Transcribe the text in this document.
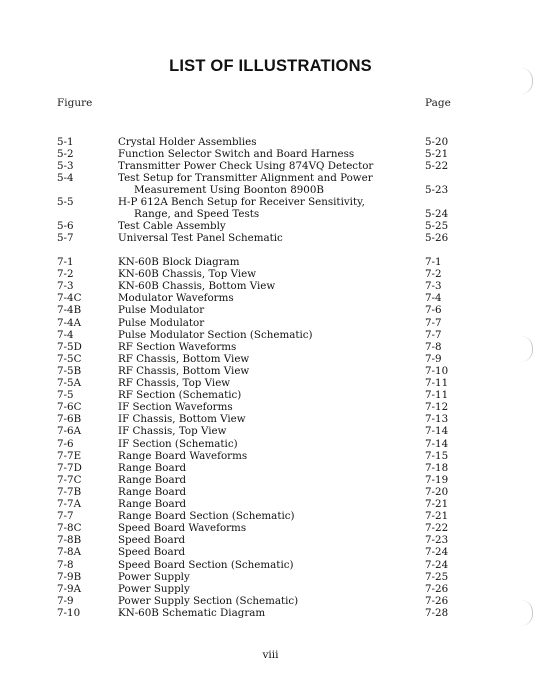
LIST OF ILLUSTRATIONS
Figure	Page
5-1	Crystal Holder Assemblies	5-20
5-2	Function Selector Switch and Board Harness	5-21
5-3	Transmitter Power Check Using 874VQ Detector	5-22
5-4	Test Setup for Transmitter Alignment and Power
Measurement Using Boonton 8900B	5-23
5-5	H-P 612A Bench Setup for Receiver Sensitivity,
Range, and Speed Tests	5-24
5-6	Test Cable Assembly	5-25
5-7	Universal Test Panel Schematic	5-26
7-1	KN-60B Block Diagram	7-1
7-2	KN-60B Chassis, Top View	7-2
7-3	KN-60B Chassis, Bottom View	7-3
7-4C	Modulator Waveforms	7-4
7-4B	Pulse Modulator	7-6
7-4A	Pulse Modulator	7-7
7-4	Pulse Modulator Section (Schematic)	7-7
7-5D	RF Section Waveforms	7-8
7-5C	RF Chassis, Bottom View	7-9
7-5B	RF Chassis, Bottom View	7-10
7-5A	RF Chassis, Top View	7-11
7-5	RF Section (Schematic)	7-11
7-6C	IF Section Waveforms	7-12
7-6B	IF Chassis, Bottom View	7-13
7-6A	IF Chassis, Top View	7-14
7-6	IF Section (Schematic)	7-14
7-7E	Range Board Waveforms	7-15
7-7D	Range Board	7-18
7-7C	Range Board	7-19
7-7B	Range Board	7-20
7-7A	Range Board	7-21
7-7	Range Board Section (Schematic)	7-21
7-8C	Speed Board Waveforms	7-22
7-8B	Speed Board	7-23
7-8A	Speed Board	7-24
7-8	Speed Board Section (Schematic)	7-24
7-9B	Power Supply	7-25
7-9A	Power Supply	7-26
7-9	Power Supply Section (Schematic)	7-26
7-10	KN-60B Schematic Diagram	7-28
viii
